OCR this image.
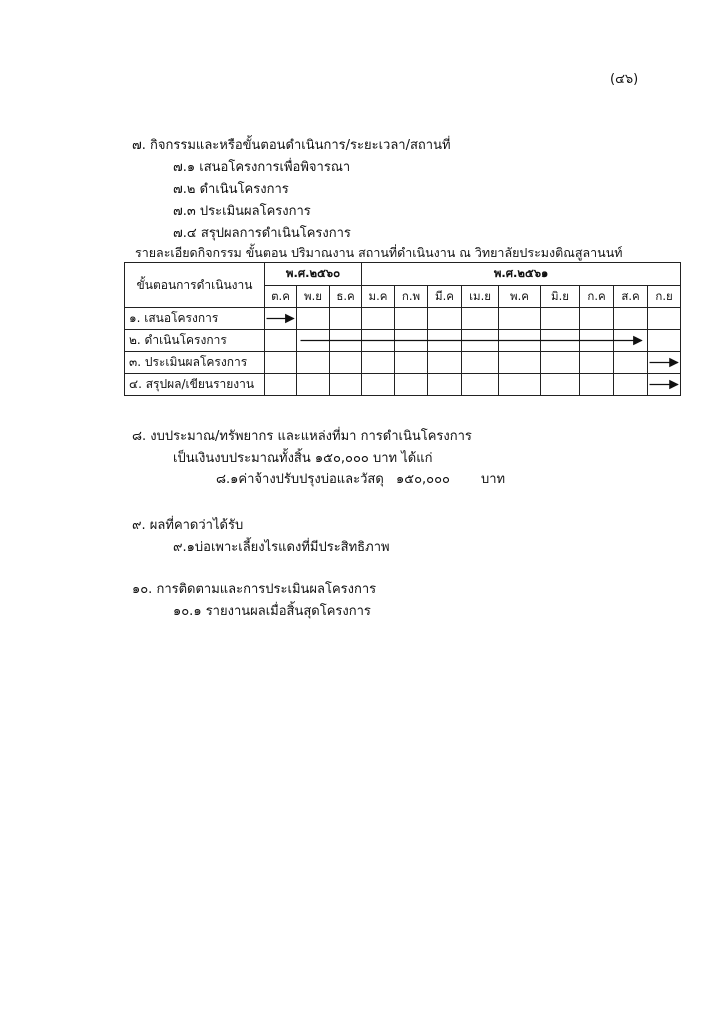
(๔๖)
๗. กิจกรรมและหรือขั้นตอนดำเนินการ/ระยะเวลา/สถานที่
๗.๑ เสนอโครงการเพื่อพิจารณา
๗.๒ ดำเนินโครงการ
๗.๓ ประเมินผลโครงการ
๗.๔ สรุปผลการดำเนินโครงการ
รายละเอียดกิจกรรม ขั้นตอน ปริมาณงาน สถานที่ดำเนินงาน ณ วิทยาลัยประมงติณสูลานนท์
ขั้นตอนการดำเนินงาน	พ.ศ.๒๕๖๐			พ.ศ.๒๕๖๑								
	ต.ค	พ.ย	ธ.ค	ม.ค	ก.พ	มี.ค	เม.ย	พ.ค	มิ.ย	ก.ค	ส.ค	ก.ย
๑. เสนอโครงการ												
๒. ดำเนินโครงการ												
๓. ประเมินผลโครงการ												
๔. สรุปผล/เขียนรายงาน												
๘. งบประมาณ/ทรัพยากร และแหล่งที่มา การดำเนินโครงการ
เป็นเงินงบประมาณทั้งสิ้น ๑๕๐,๐๐๐ บาท ได้แก่
๘.๑ค่าจ้างปรับปรุงบ่อและวัสดุ ๑๕๐,๐๐๐ บาท
๙. ผลที่คาดว่าได้รับ
๙.๑บ่อเพาะเลี้ยงไรแดงที่มีประสิทธิภาพ
๑๐. การติดตามและการประเมินผลโครงการ
๑๐.๑ รายงานผลเมื่อสิ้นสุดโครงการ
